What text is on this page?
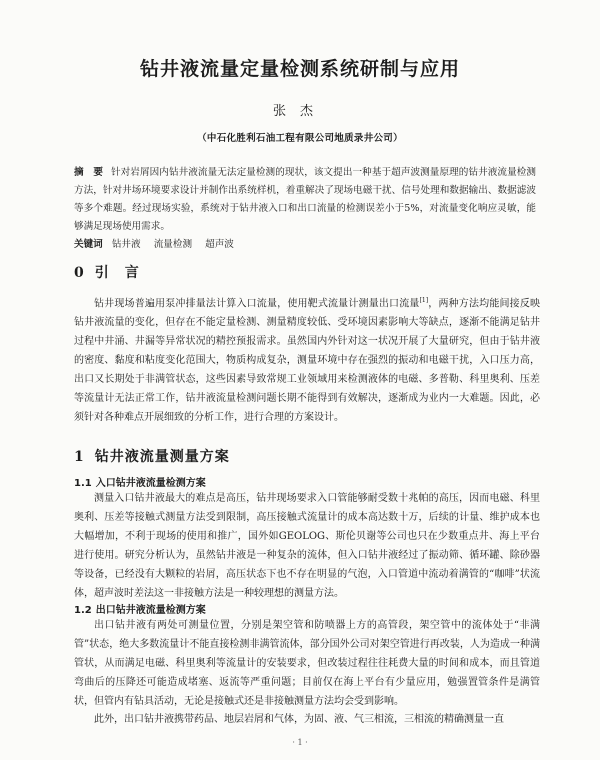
钻井液流量定量检测系统研制与应用
张杰
（中石化胜利石油工程有限公司地质录井公司）
摘　要 针对岩屑因内钻井液流量无法定量检测的现状，该文提出一种基于超声波测量原理的钻井液流量检测方法，针对井场环境要求设计并制作出系统样机，着重解决了现场电磁干扰、信号处理和数据输出、数据滤波等多个难题。经过现场实验，系统对于钻井液入口和出口流量的检测误差小于5%，对流量变化响应灵敏，能够满足现场使用需求。
关键词 钻井液 流量检测 超声波
0 引　言
钻井现场普遍用泵冲排量法计算入口流量，使用靶式流量计测量出口流量[1]，两种方法均能间接反映钻井液流量的变化，但存在不能定量检测、测量精度较低、受环境因素影响大等缺点，逐渐不能满足钻井过程中井涌、井漏等异常状况的精控预报需求。虽然国内外针对这一状况开展了大量研究，但由于钻井液的密度、黏度和粘度变化范围大，物质构成复杂，测量环境中存在强烈的振动和电磁干扰，入口压力高，出口又长期处于非满管状态，这些因素导致常规工业领域用来检测液体的电磁、多普勒、科里奥利、压差等流量计无法正常工作，钻井液流量检测问题长期不能得到有效解决，逐渐成为业内一大难题。因此，必须针对各种难点开展细致的分析工作，进行合理的方案设计。
1 钻井液流量测量方案
1.1 入口钻井液流量检测方案
测量入口钻井液最大的难点是高压，钻井现场要求入口管能够耐受数十兆帕的高压，因而电磁、科里奥利、压差等接触式测量方法受到限制，高压接触式流量计的成本高达数十万，后续的计量、维护成本也大幅增加，不利于现场的使用和推广，国外如GEOLOG、斯伦贝谢等公司也只在少数重点井、海上平台进行使用。研究分析认为，虽然钻井液是一种复杂的流体，但入口钻井液经过了振动筛、循环罐、除砂器等设备，已经没有大颗粒的岩屑，高压状态下也不存在明显的气泡，入口管道中流动着满管的“咖啡”状流体，超声波时差法这一非接触方法是一种较理想的测量方法。
1.2 出口钻井液流量检测方案
出口钻井液有两处可测量位置，分别是架空管和防喷器上方的高管段，架空管中的流体处于“非满管”状态，绝大多数流量计不能直接检测非满管流体，部分国外公司对架空管进行再改装，人为造成一种满管状，从而满足电磁、科里奥利等流量计的安装要求，但改装过程往往耗费大量的时间和成本，而且管道弯曲后的压降还可能造成堵塞、返流等严重问题；目前仅在海上平台有少量应用，勉强置管条件是满管状，但管内有钻具活动，无论是接触式还是非接触测量方法均会受到影响。
此外，出口钻井液携带药品、地层岩屑和气体，为固、液、气三相流，三相流的精确测量一直
· 1 ·
